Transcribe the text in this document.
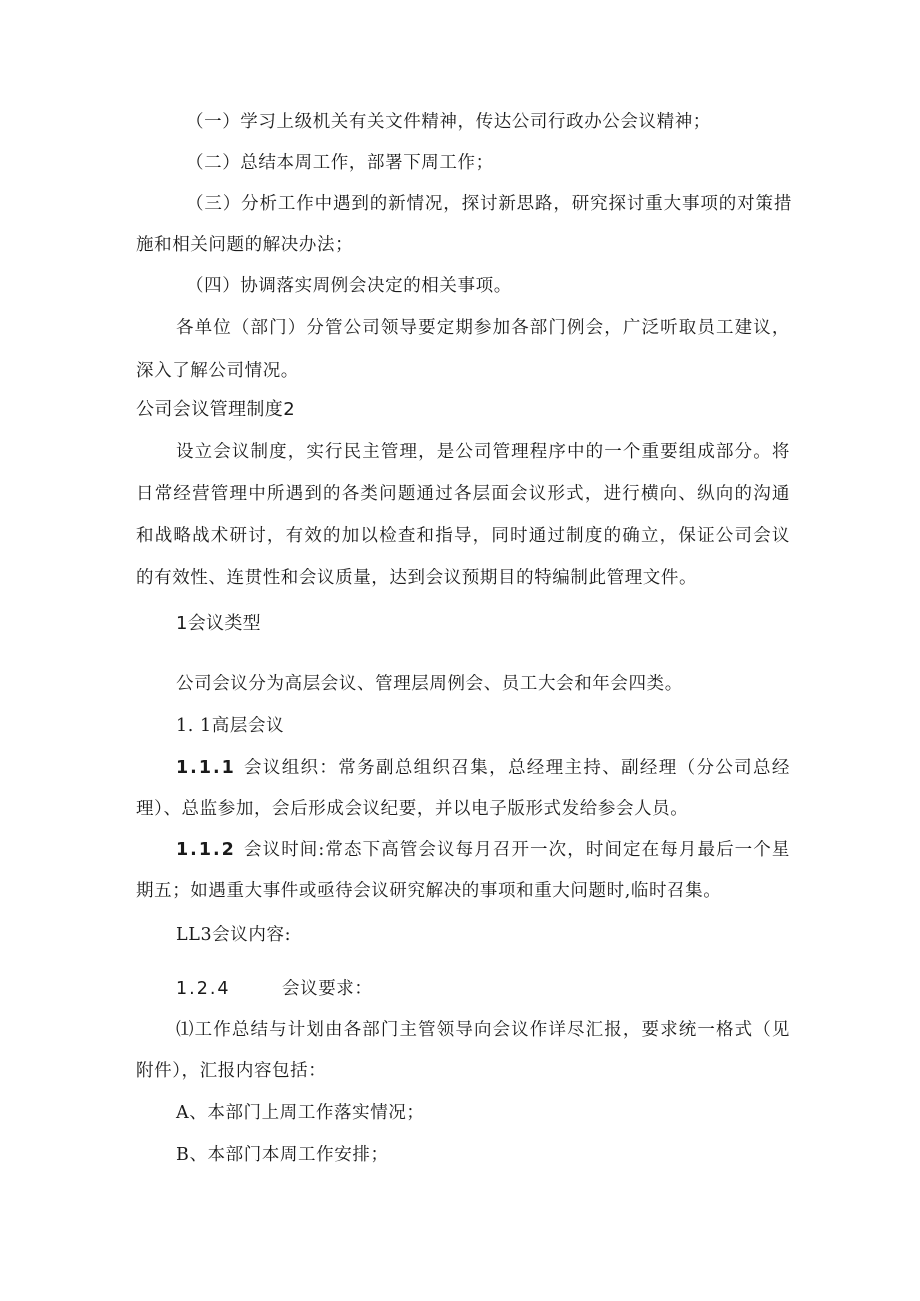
（一）学习上级机关有关文件精神，传达公司行政办公会议精神；
（二）总结本周工作，部署下周工作；
（三）分析工作中遇到的新情况，探讨新思路，研究探讨重大事项的对策措
施和相关问题的解决办法；
（四）协调落实周例会决定的相关事项。
各单位（部门）分管公司领导要定期参加各部门例会，广泛听取员工建议，
深入了解公司情况。
公司会议管理制度2
设立会议制度，实行民主管理，是公司管理程序中的一个重要组成部分。将
日常经营管理中所遇到的各类问题通过各层面会议形式，进行横向、纵向的沟通
和战略战术研讨，有效的加以检查和指导，同时通过制度的确立，保证公司会议
的有效性、连贯性和会议质量，达到会议预期目的特编制此管理文件。
1会议类型
公司会议分为高层会议、管理层周例会、员工大会和年会四类。
1. 1高层会议
1.1.1 会议组织：常务副总组织召集，总经理主持、副经理（分公司总经
理）、总监参加，会后形成会议纪要，并以电子版形式发给参会人员。
1.1.2 会议时间:常态下高管会议每月召开一次，时间定在每月最后一个星
期五；如遇重大事件或亟待会议研究解决的事项和重大问题时,临时召集。
LL3会议内容:
1.2.4	会议要求：
⑴工作总结与计划由各部门主管领导向会议作详尽汇报，要求统一格式（见
附件），汇报内容包括：
A、本部门上周工作落实情况；
B、本部门本周工作安排；
